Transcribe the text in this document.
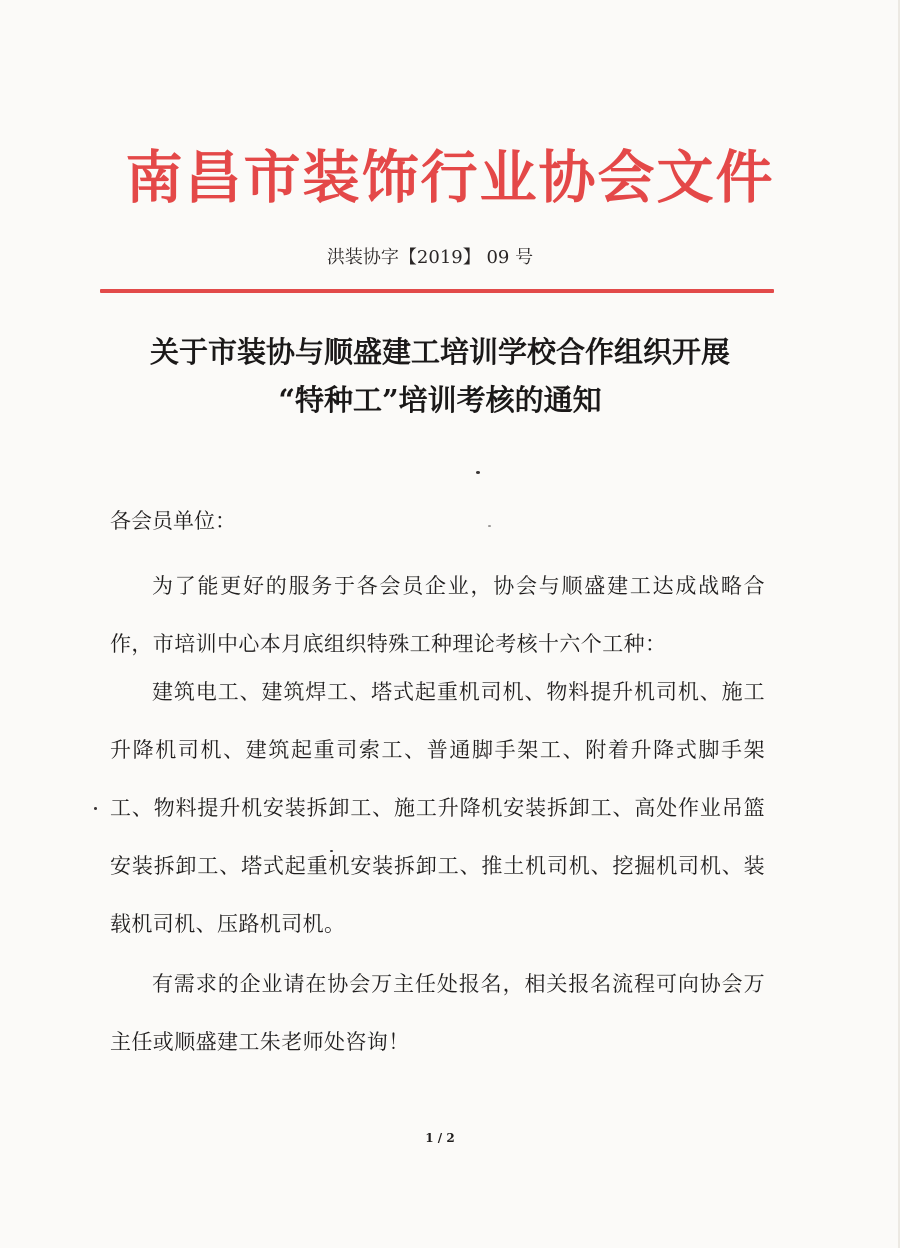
南昌市装饰行业协会文件
洪装协字【2019】 09 号
关于市装协与顺盛建工培训学校合作组织开展
“特种工”培训考核的通知
各会员单位：
为了能更好的服务于各会员企业，协会与顺盛建工达成战略合作，市培训中心本月底组织特殊工种理论考核十六个工种：
建筑电工、建筑焊工、塔式起重机司机、物料提升机司机、施工升降机司机、建筑起重司索工、普通脚手架工、附着升降式脚手架工、物料提升机安装拆卸工、施工升降机安装拆卸工、高处作业吊篮安装拆卸工、塔式起重机安装拆卸工、推土机司机、挖掘机司机、装载机司机、压路机司机。
有需求的企业请在协会万主任处报名，相关报名流程可向协会万主任或顺盛建工朱老师处咨询！
1 / 2
